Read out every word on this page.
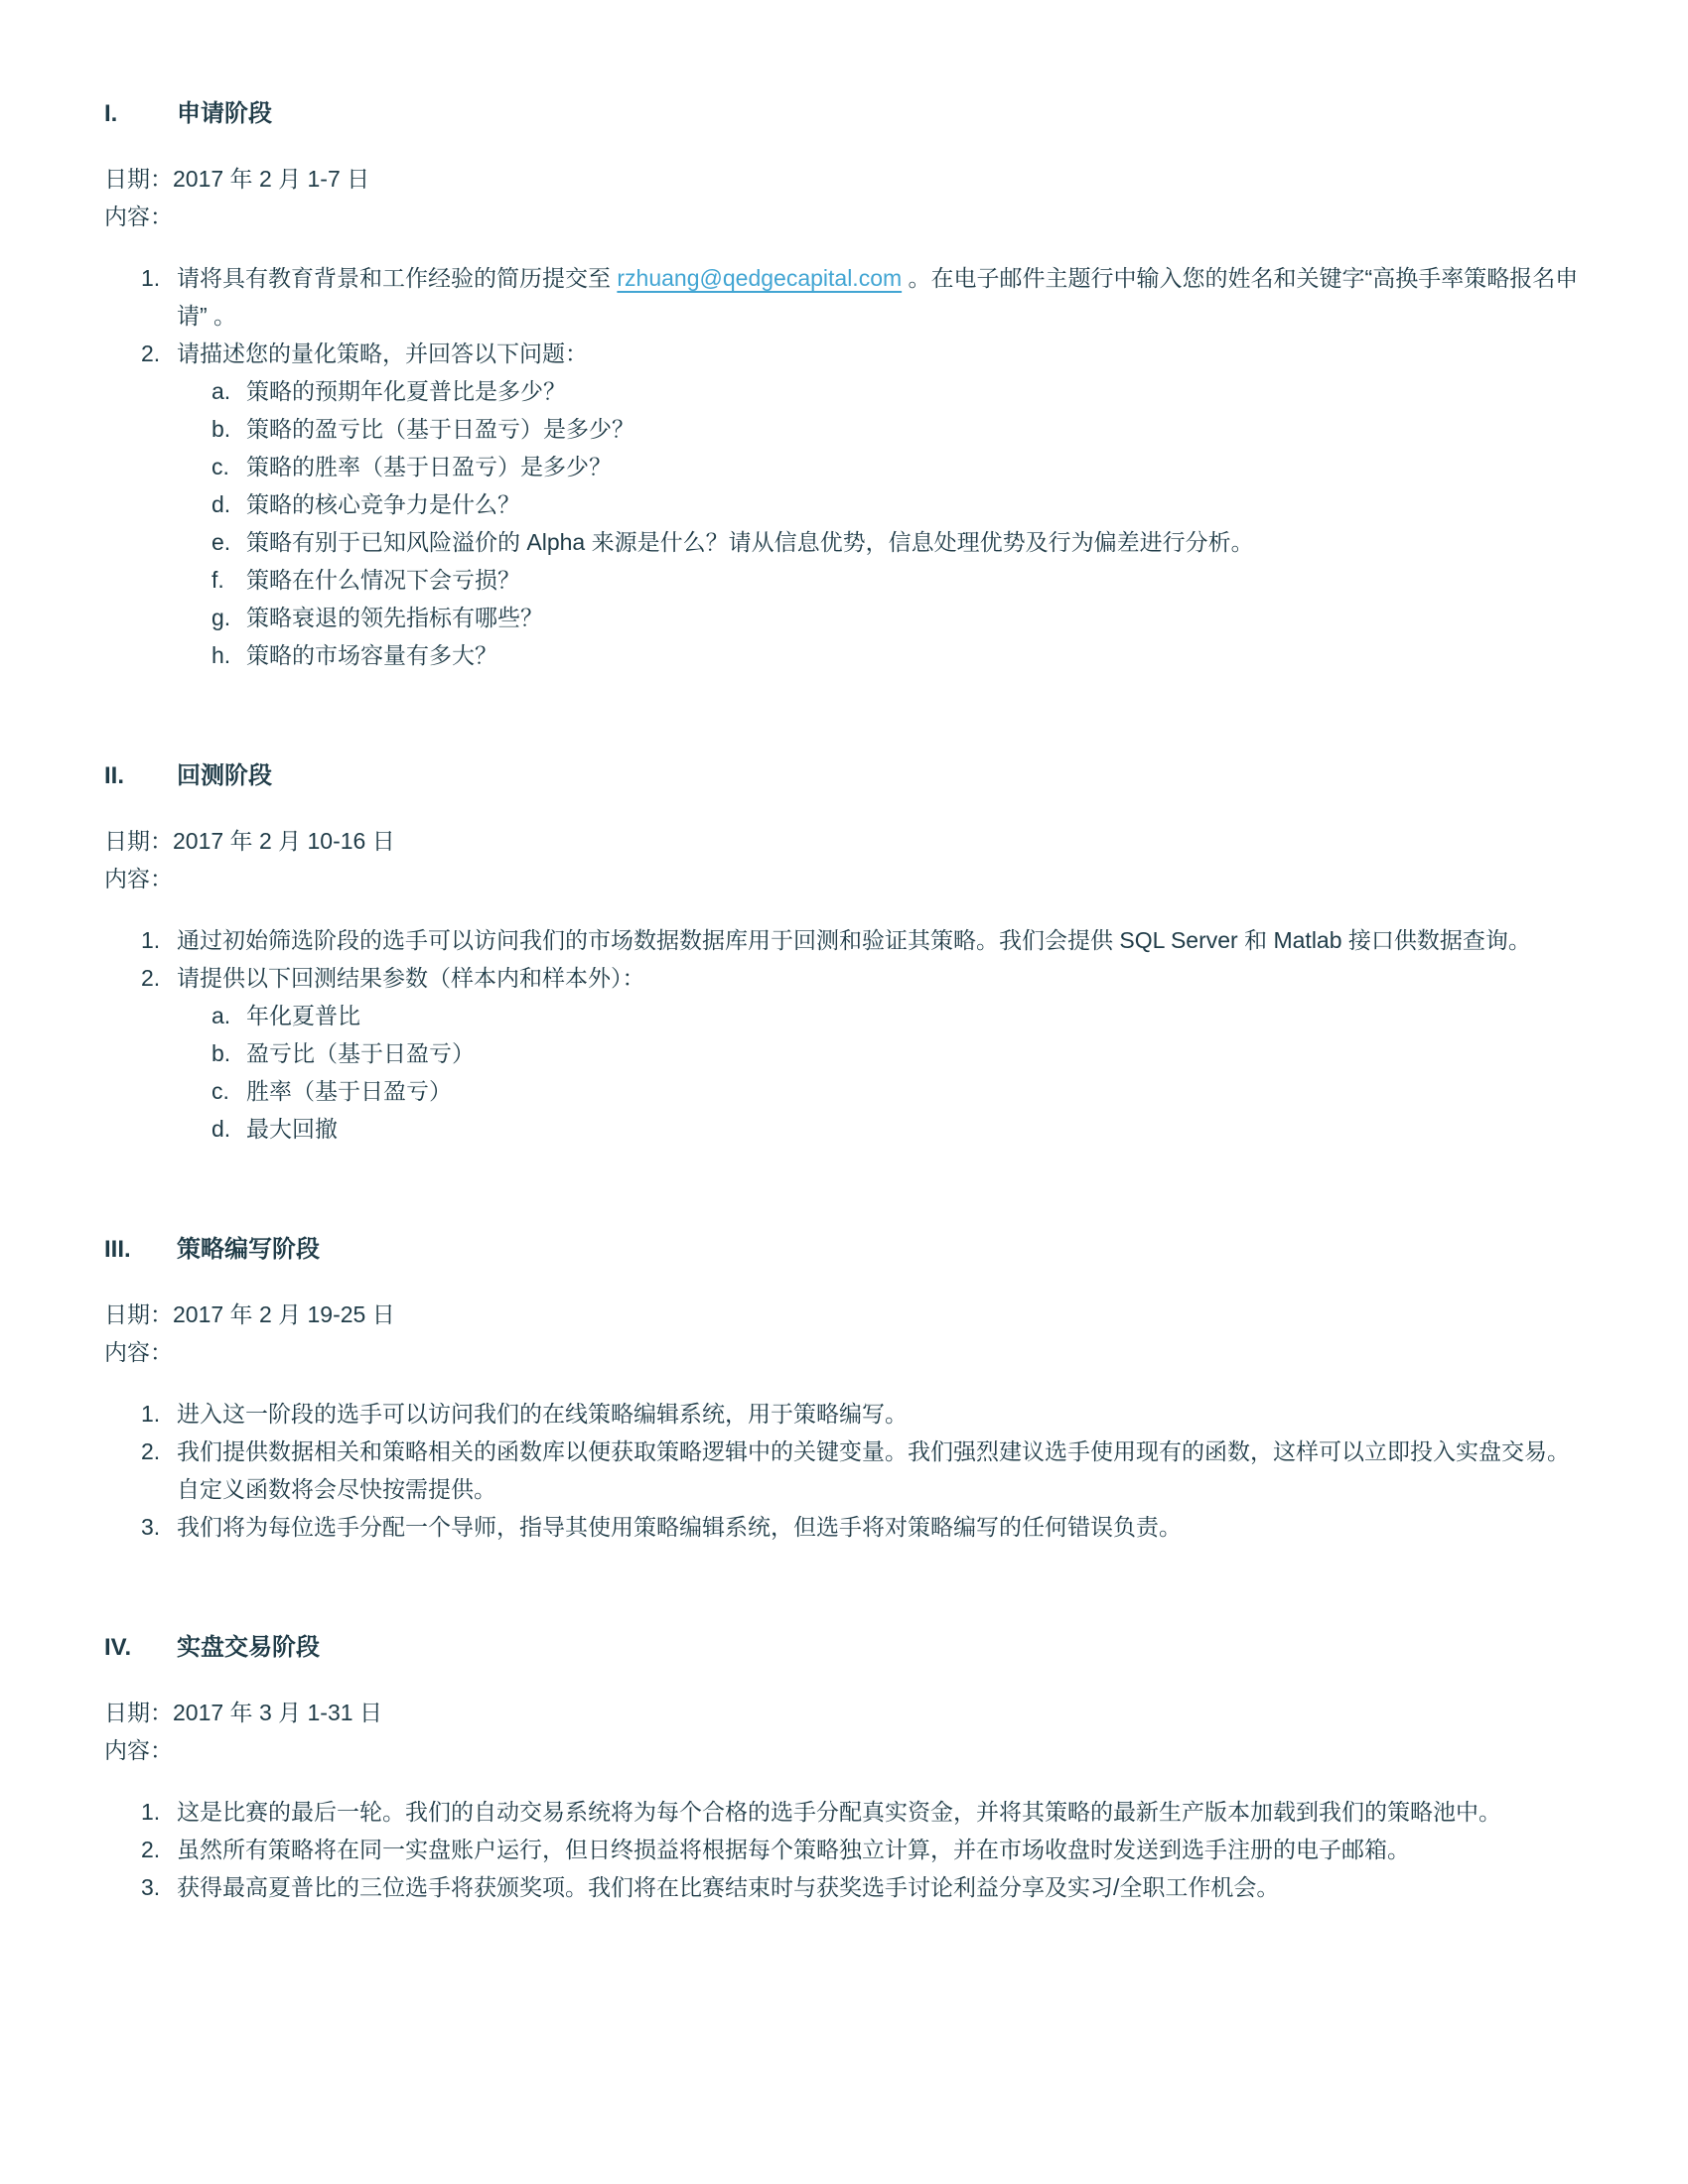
I. 申请阶段

日期：2017 年 2 月 1-7 日

内容：

1. 请将具有教育背景和工作经验的简历提交至 rzhuang@qedgecapital.com 。在电子邮件主题行中输入您的姓名和关键字“高换手率策略报名申请” 。
2. 请描述您的量化策略，并回答以下问题：
a. 策略的预期年化夏普比是多少？
b. 策略的盈亏比（基于日盈亏）是多少？
c. 策略的胜率（基于日盈亏）是多少？
d. 策略的核心竞争力是什么？
e. 策略有别于已知风险溢价的 Alpha 来源是什么？请从信息优势，信息处理优势及行为偏差进行分析。
f. 策略在什么情况下会亏损？
g. 策略衰退的领先指标有哪些？
h. 策略的市场容量有多大？
II. 回测阶段

日期：2017 年 2 月 10-16 日

内容：

1. 通过初始筛选阶段的选手可以访问我们的市场数据数据库用于回测和验证其策略。我们会提供 SQL Server 和 Matlab 接口供数据查询。
2. 请提供以下回测结果参数（样本内和样本外）：
a. 年化夏普比
b. 盈亏比（基于日盈亏）
c. 胜率（基于日盈亏）
d. 最大回撤
III. 策略编写阶段

日期：2017 年 2 月 19-25 日

内容：

1. 进入这一阶段的选手可以访问我们的在线策略编辑系统，用于策略编写。
2. 我们提供数据相关和策略相关的函数库以便获取策略逻辑中的关键变量。我们强烈建议选手使用现有的函数，这样可以立即投入实盘交易。自定义函数将会尽快按需提供。
3. 我们将为每位选手分配一个导师，指导其使用策略编辑系统，但选手将对策略编写的任何错误负责。
IV. 实盘交易阶段

日期：2017 年 3 月 1-31 日

内容：

1. 这是比赛的最后一轮。我们的自动交易系统将为每个合格的选手分配真实资金，并将其策略的最新生产版本加载到我们的策略池中。
2. 虽然所有策略将在同一实盘账户运行，但日终损益将根据每个策略独立计算，并在市场收盘时发送到选手注册的电子邮箱。
3. 获得最高夏普比的三位选手将获颁奖项。我们将在比赛结束时与获奖选手讨论利益分享及实习/全职工作机会。
